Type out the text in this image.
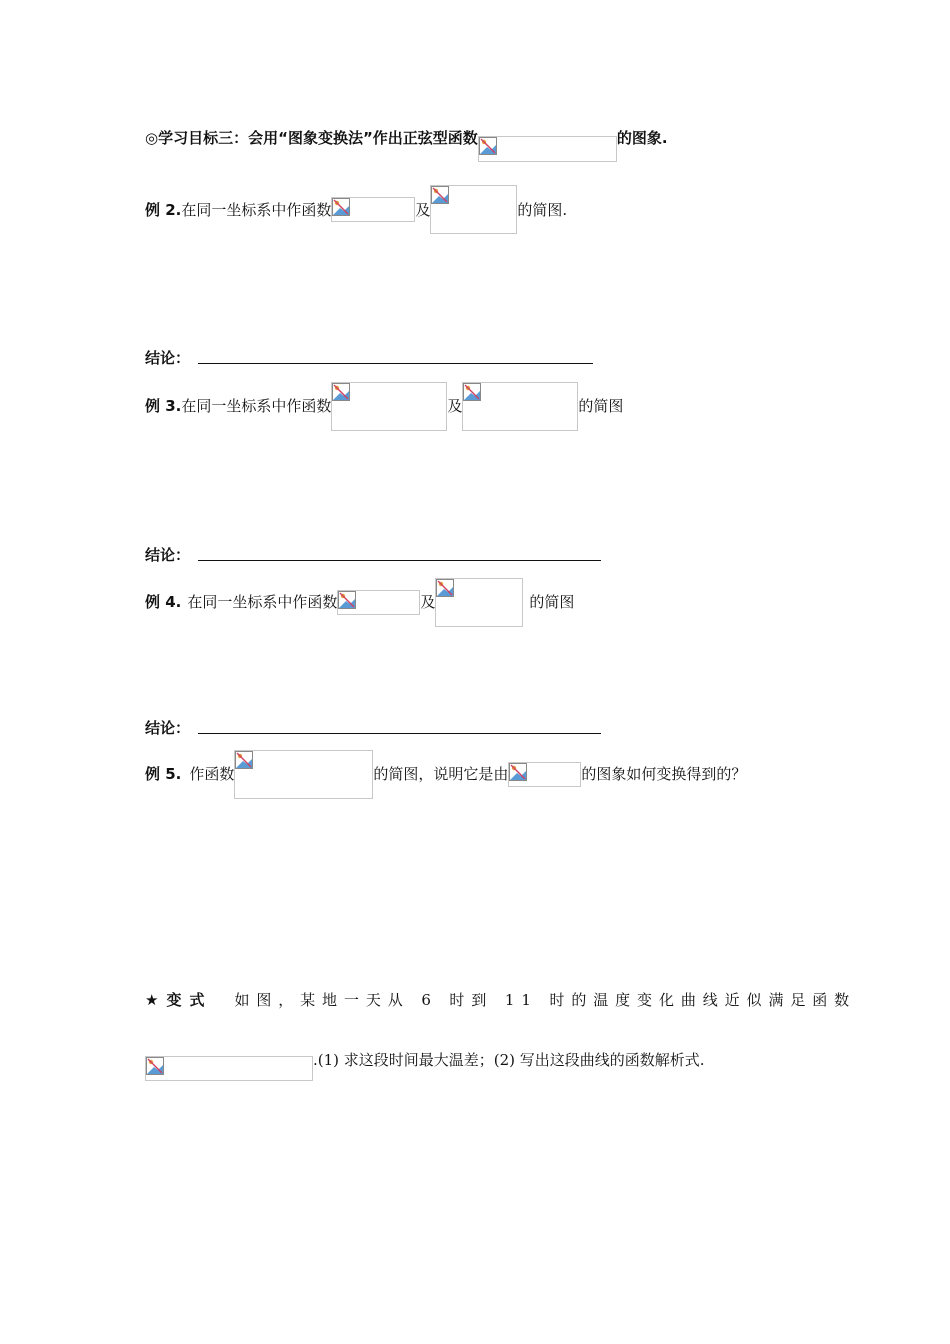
◎学习目标三：会用“图象变换法”作出正弦型函数	的图象.
例 2. 在同一坐标系中作函数	及	的简图.
结论：
例 3. 在同一坐标系中作函数	及	的简图
结论：
例 4. 在同一坐标系中作函数	及	的简图
结论：
例 5. 作函数	的简图，说明它是由	的图象如何变换得到的？
★变式 如图，某地一天从 6 时到 11 时的温度变化曲线近似满足函数
.(1) 求这段时间最大温差；(2) 写出这段曲线的函数解析式.
